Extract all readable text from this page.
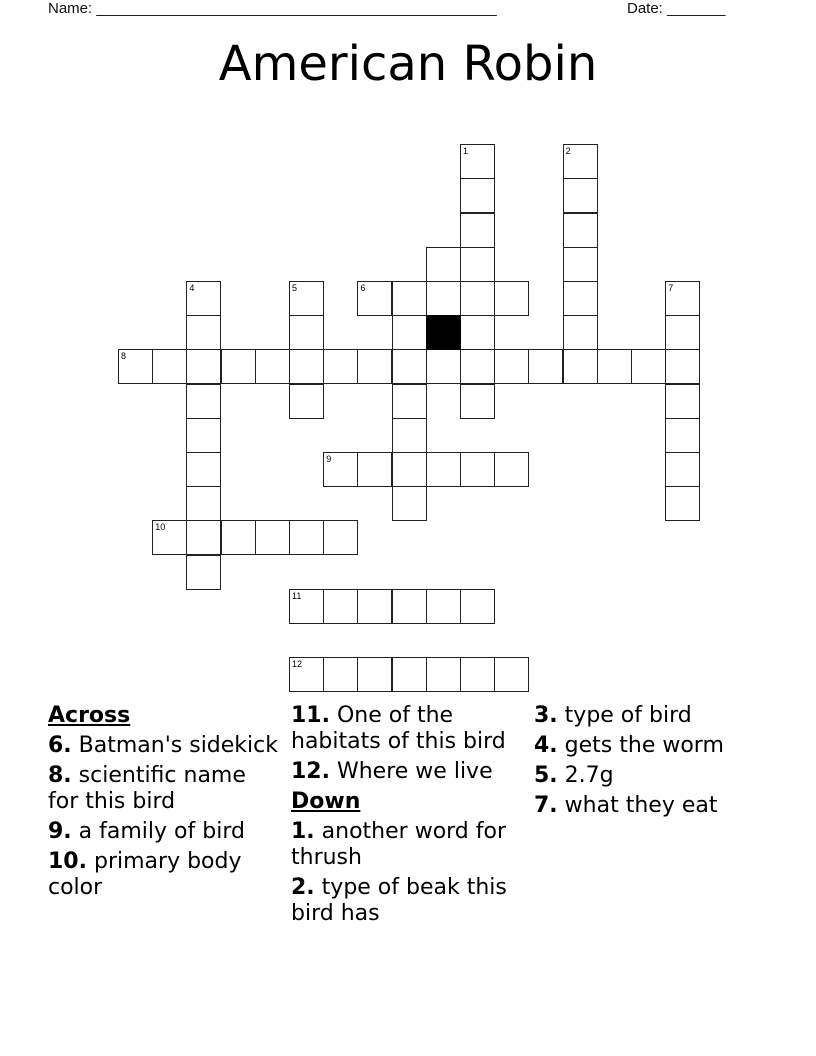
Name: ________________________________________________	Date: _______
American Robin
1	2
4	5	6	7
8
9
10
11
12
Across
6. Batman's sidekick
8. scientific name for this bird
9. a family of bird
10. primary body color
11. One of the habitats of this bird
12. Where we live
Down
1. another word for thrush
2. type of beak this bird has
3. type of bird
4. gets the worm
5. 2.7g
7. what they eat
